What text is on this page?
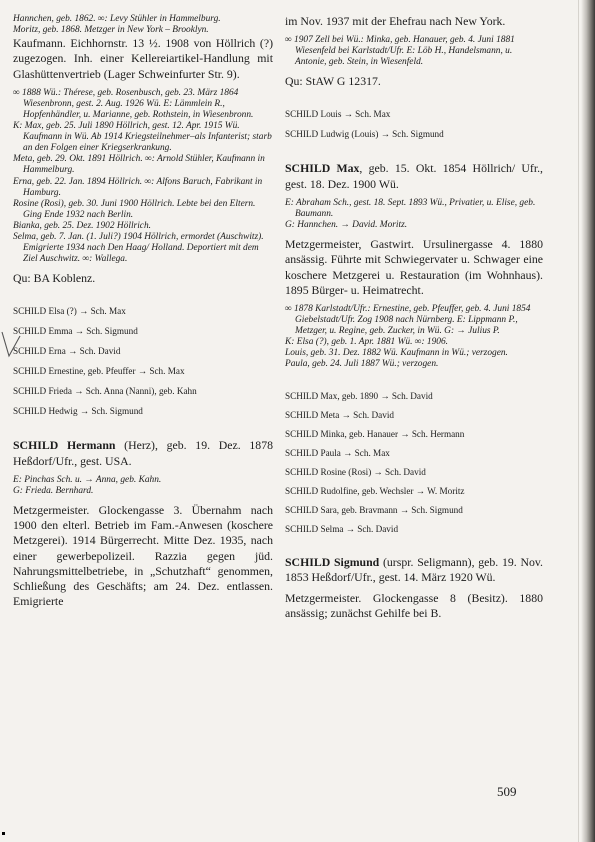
Hannchen, geb. 1862. ∞: Levy Stühler in Hammelburg.

Moritz, geb. 1868. Metzger in New York – Brooklyn.

Kaufmann. Eichhornstr. 13 ½. 1908 von Höllrich (?) zugezogen. Inh. einer Kellereiartikel-Handlung mit Glashüttenvertrieb (Lager Schweinfurter Str. 9).

∞ 1888 Wü.: Thérese, geb. Rosenbusch, geb. 23. März 1864 Wiesenbronn, gest. 2. Aug. 1926 Wü. E: Lämmlein R., Hopfenhändler, u. Marianne, geb. Rothstein, in Wiesenbronn.

K: Max, geb. 25. Juli 1890 Höllrich, gest. 12. Apr. 1915 Wü. Kaufmann in Wü. Ab 1914 Kriegsteilnehmer–als Infanterist; starb an den Folgen einer Kriegserkrankung.

Meta, geb. 29. Okt. 1891 Höllrich. ∞: Arnold Stühler, Kaufmann in Hammelburg.

Erna, geb. 22. Jan. 1894 Höllrich. ∞: Alfons Baruch, Fabrikant in Hamburg.

Rosine (Rosi), geb. 30. Juni 1900 Höllrich. Lebte bei den Eltern. Ging Ende 1932 nach Berlin.

Bianka, geb. 25. Dez. 1902 Höllrich.

Selma, geb. 7. Jan. (1. Juli?) 1904 Höllrich, ermordet (Auschwitz). Emigrierte 1934 nach Den Haag/ Holland. Deportiert mit dem Ziel Auschwitz. ∞: Wallega.

Qu: BA Koblenz.

SCHILD Elsa (?) → Sch. Max

SCHILD Emma → Sch. Sigmund

SCHILD Erna → Sch. David

SCHILD Ernestine, geb. Pfeuffer → Sch. Max

SCHILD Frieda → Sch. Anna (Nanni), geb. Kahn

SCHILD Hedwig → Sch. Sigmund

SCHILD Hermann (Herz), geb. 19. Dez. 1878 Heßdorf/Ufr., gest. USA.

E: Pinchas Sch. u. → Anna, geb. Kahn.

G: Frieda. Bernhard.

Metzgermeister. Glockengasse 3. Übernahm nach 1900 den elterl. Betrieb im Fam.-Anwesen (koschere Metzgerei). 1914 Bürgerrecht. Mitte Dez. 1935, nach einer gewerbepolizeil. Razzia gegen jüd. Nahrungsmittelbetriebe, in „Schutzhaft“ genommen, Schließung des Geschäfts; am 24. Dez. entlassen. Emigrierte

im Nov. 1937 mit der Ehefrau nach New York.

∞ 1907 Zell bei Wü.: Minka, geb. Hanauer, geb. 4. Juni 1881 Wiesenfeld bei Karlstadt/Ufr. E: Löb H., Handelsmann, u. Antonie, geb. Stein, in Wiesenfeld.

Qu: StAW G 12317.

SCHILD Louis → Sch. Max

SCHILD Ludwig (Louis) → Sch. Sigmund

SCHILD Max, geb. 15. Okt. 1854 Höllrich/ Ufr., gest. 18. Dez. 1900 Wü.

E: Abraham Sch., gest. 18. Sept. 1893 Wü., Privatier, u. Elise, geb. Baumann.

G: Hannchen. → David. Moritz.

Metzgermeister, Gastwirt. Ursulinergasse 4. 1880 ansässig. Führte mit Schwiegervater u. Schwager eine koschere Metzgerei u. Restauration (im Wohnhaus). 1895 Bürger- u. Heimatrecht.

∞ 1878 Karlstadt/Ufr.: Ernestine, geb. Pfeuffer, geb. 4. Juni 1854 Giebelstadt/Ufr. Zog 1908 nach Nürnberg. E: Lippmann P., Metzger, u. Regine, geb. Zucker, in Wü. G: → Julius P.

K: Elsa (?), geb. 1. Apr. 1881 Wü. ∞: 1906.

Louis, geb. 31. Dez. 1882 Wü. Kaufmann in Wü.; verzogen.

Paula, geb. 24. Juli 1887 Wü.; verzogen.

SCHILD Max, geb. 1890 → Sch. David

SCHILD Meta → Sch. David

SCHILD Minka, geb. Hanauer → Sch. Hermann

SCHILD Paula → Sch. Max

SCHILD Rosine (Rosi) → Sch. David

SCHILD Rudolfine, geb. Wechsler → W. Moritz

SCHILD Sara, geb. Bravmann → Sch. Sigmund

SCHILD Selma → Sch. David

SCHILD Sigmund (urspr. Seligmann), geb. 19. Nov. 1853 Heßdorf/Ufr., gest. 14. März 1920 Wü.

Metzgermeister. Glockengasse 8 (Besitz). 1880 ansässig; zunächst Gehilfe bei B.

509
